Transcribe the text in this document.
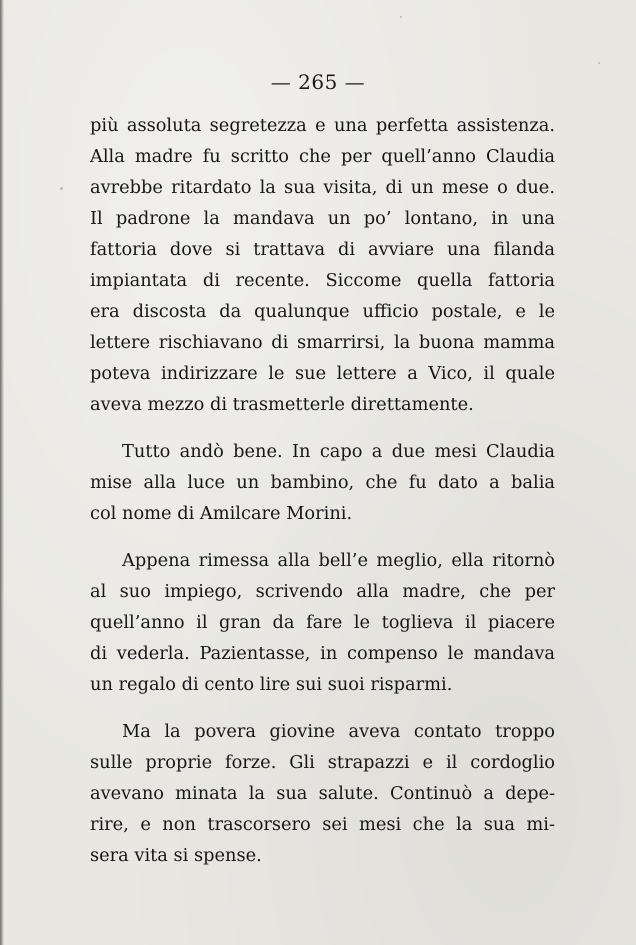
— 265 —
più assoluta segretezza e una perfetta assistenza.
Alla madre fu scritto che per quell’anno Claudia
avrebbe ritardato la sua visita, di un mese o due.
Il padrone la mandava un po’ lontano, in una
fattoria dove si trattava di avviare una filanda
impiantata di recente. Siccome quella fattoria
era discosta da qualunque ufficio postale, e le
lettere rischiavano di smarrirsi, la buona mamma
poteva indirizzare le sue lettere a Vico, il quale
aveva mezzo di trasmetterle direttamente.
Tutto andò bene. In capo a due mesi Claudia
mise alla luce un bambino, che fu dato a balia
col nome di Amilcare Morini.
Appena rimessa alla bell’e meglio, ella ritornò
al suo impiego, scrivendo alla madre, che per
quell’anno il gran da fare le toglieva il piacere
di vederla. Pazientasse, in compenso le mandava
un regalo di cento lire sui suoi risparmi.
Ma la povera giovine aveva contato troppo
sulle proprie forze. Gli strapazzi e il cordoglio
avevano minata la sua salute. Continuò a depe-
rire, e non trascorsero sei mesi che la sua mi-
sera vita si spense.
